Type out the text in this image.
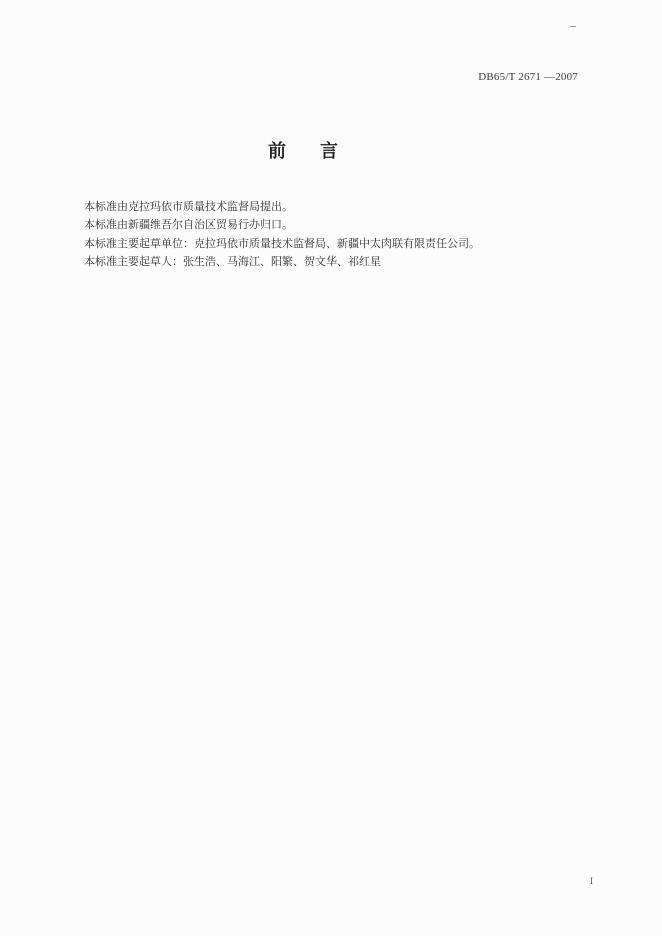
DB65/T 2671 —2007
前言

本标准由克拉玛依市质量技术监督局提出。

本标准由新疆维吾尔自治区贸易行办归口。

本标准主要起草单位：克拉玛依市质量技术监督局、新疆中太肉联有限责任公司。

本标准主要起草人：张生浩、马海江、阳繁、贺文华、祁红星

I
